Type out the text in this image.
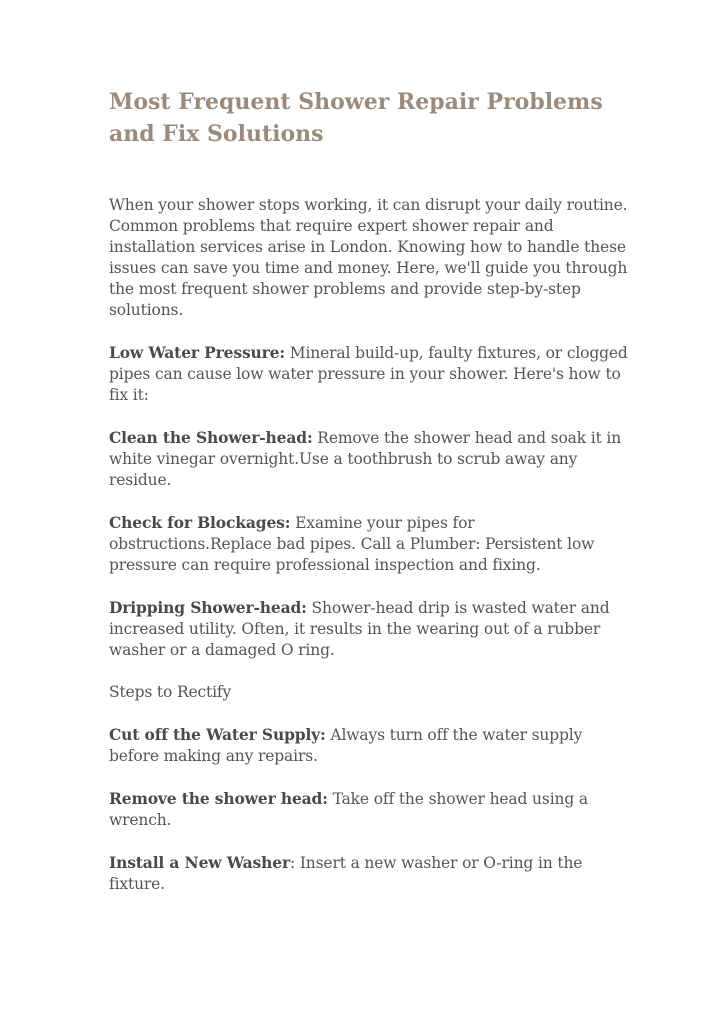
Most Frequent Shower Repair Problems
and Fix Solutions

When your shower stops working, it can disrupt your daily routine. Common problems that require expert shower repair and installation services arise in London. Knowing how to handle these issues can save you time and money. Here, we'll guide you through the most frequent shower problems and provide step-by-step solutions.

Low Water Pressure: Mineral build-up, faulty fixtures, or clogged pipes can cause low water pressure in your shower. Here's how to fix it:

Clean the Shower-head: Remove the shower head and soak it in white vinegar overnight.Use a toothbrush to scrub away any residue.

Check for Blockages: Examine your pipes for obstructions.Replace bad pipes. Call a Plumber: Persistent low pressure can require professional inspection and fixing.

Dripping Shower-head: Shower-head drip is wasted water and increased utility. Often, it results in the wearing out of a rubber washer or a damaged O ring.

Steps to Rectify

Cut off the Water Supply: Always turn off the water supply before making any repairs.

Remove the shower head: Take off the shower head using a wrench.

Install a New Washer: Insert a new washer or O-ring in the fixture.
